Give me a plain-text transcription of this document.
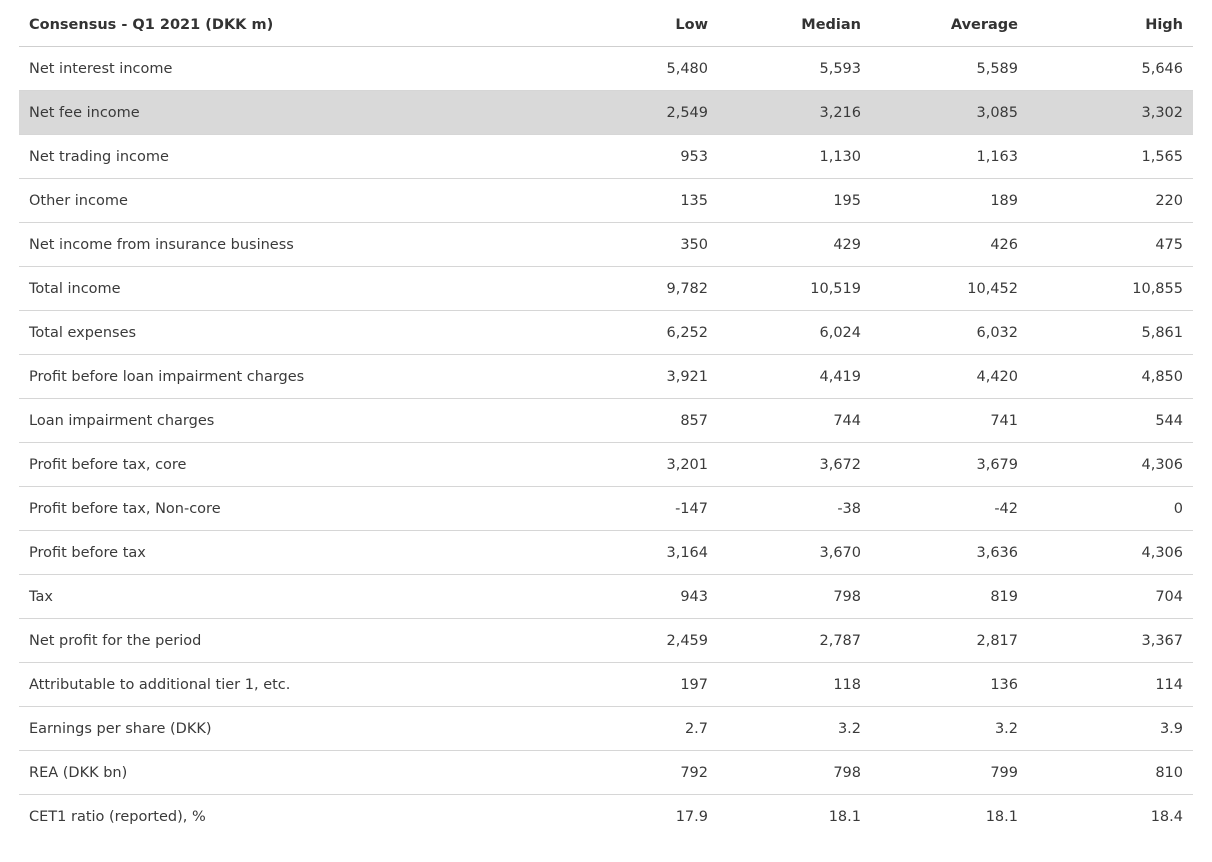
Consensus - Q1 2021 (DKK m)	Low	Median	Average	High
Net interest income	5,480	5,593	5,589	5,646
Net fee income	2,549	3,216	3,085	3,302
Net trading income	953	1,130	1,163	1,565
Other income	135	195	189	220
Net income from insurance business	350	429	426	475
Total income	9,782	10,519	10,452	10,855
Total expenses	6,252	6,024	6,032	5,861
Profit before loan impairment charges	3,921	4,419	4,420	4,850
Loan impairment charges	857	744	741	544
Profit before tax, core	3,201	3,672	3,679	4,306
Profit before tax, Non-core	-147	-38	-42	0
Profit before tax	3,164	3,670	3,636	4,306
Tax	943	798	819	704
Net profit for the period	2,459	2,787	2,817	3,367
Attributable to additional tier 1, etc.	197	118	136	114
Earnings per share (DKK)	2.7	3.2	3.2	3.9
REA (DKK bn)	792	798	799	810
CET1 ratio (reported), %	17.9	18.1	18.1	18.4
